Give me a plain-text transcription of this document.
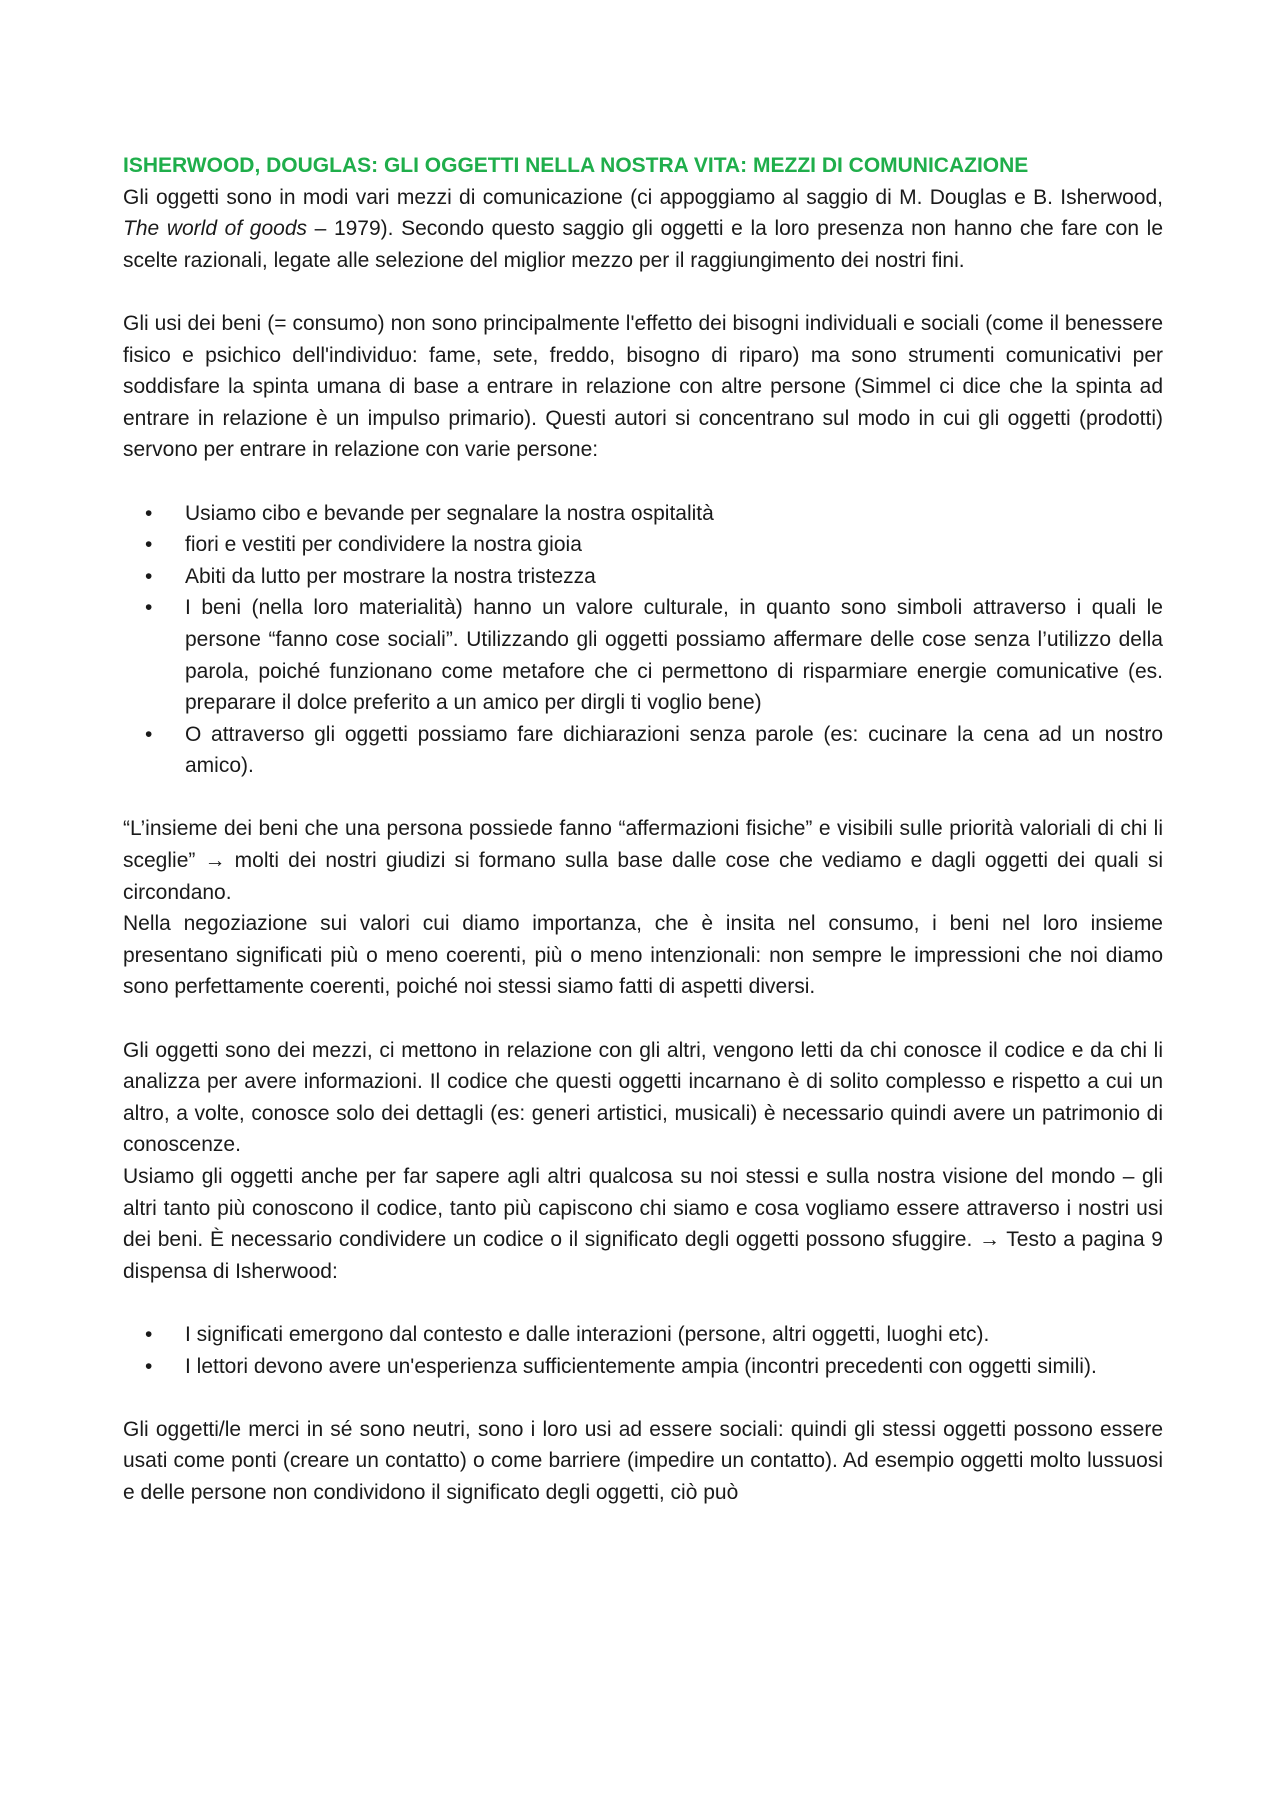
ISHERWOOD, DOUGLAS: GLI OGGETTI NELLA NOSTRA VITA: MEZZI DI COMUNICAZIONE

Gli oggetti sono in modi vari mezzi di comunicazione (ci appoggiamo al saggio di M. Douglas e B. Isherwood, The world of goods – 1979). Secondo questo saggio gli oggetti e la loro presenza non hanno che fare con le scelte razionali, legate alle selezione del miglior mezzo per il raggiungimento dei nostri fini.

Gli usi dei beni (= consumo) non sono principalmente l'effetto dei bisogni individuali e sociali (come il benessere fisico e psichico dell'individuo: fame, sete, freddo, bisogno di riparo) ma sono strumenti comunicativi per soddisfare la spinta umana di base a entrare in relazione con altre persone (Simmel ci dice che la spinta ad entrare in relazione è un impulso primario). Questi autori si concentrano sul modo in cui gli oggetti (prodotti) servono per entrare in relazione con varie persone:

• Usiamo cibo e bevande per segnalare la nostra ospitalità
• fiori e vestiti per condividere la nostra gioia
• Abiti da lutto per mostrare la nostra tristezza
• I beni (nella loro materialità) hanno un valore culturale, in quanto sono simboli attraverso i quali le persone “fanno cose sociali”. Utilizzando gli oggetti possiamo affermare delle cose senza l’utilizzo della parola, poiché funzionano come metafore che ci permettono di risparmiare energie comunicative (es. preparare il dolce preferito a un amico per dirgli ti voglio bene)
• O attraverso gli oggetti possiamo fare dichiarazioni senza parole (es: cucinare la cena ad un nostro amico).

“L’insieme dei beni che una persona possiede fanno “affermazioni fisiche” e visibili sulle priorità valoriali di chi li sceglie” → molti dei nostri giudizi si formano sulla base dalle cose che vediamo e dagli oggetti dei quali si circondano.

Nella negoziazione sui valori cui diamo importanza, che è insita nel consumo, i beni nel loro insieme presentano significati più o meno coerenti, più o meno intenzionali: non sempre le impressioni che noi diamo sono perfettamente coerenti, poiché noi stessi siamo fatti di aspetti diversi.

Gli oggetti sono dei mezzi, ci mettono in relazione con gli altri, vengono letti da chi conosce il codice e da chi li analizza per avere informazioni. Il codice che questi oggetti incarnano è di solito complesso e rispetto a cui un altro, a volte, conosce solo dei dettagli (es: generi artistici, musicali) è necessario quindi avere un patrimonio di conoscenze.

Usiamo gli oggetti anche per far sapere agli altri qualcosa su noi stessi e sulla nostra visione del mondo – gli altri tanto più conoscono il codice, tanto più capiscono chi siamo e cosa vogliamo essere attraverso i nostri usi dei beni. È necessario condividere un codice o il significato degli oggetti possono sfuggire. → Testo a pagina 9 dispensa di Isherwood:

• I significati emergono dal contesto e dalle interazioni (persone, altri oggetti, luoghi etc).
• I lettori devono avere un'esperienza sufficientemente ampia (incontri precedenti con oggetti simili).

Gli oggetti/le merci in sé sono neutri, sono i loro usi ad essere sociali: quindi gli stessi oggetti possono essere usati come ponti (creare un contatto) o come barriere (impedire un contatto). Ad esempio oggetti molto lussuosi e delle persone non condividono il significato degli oggetti, ciò può
